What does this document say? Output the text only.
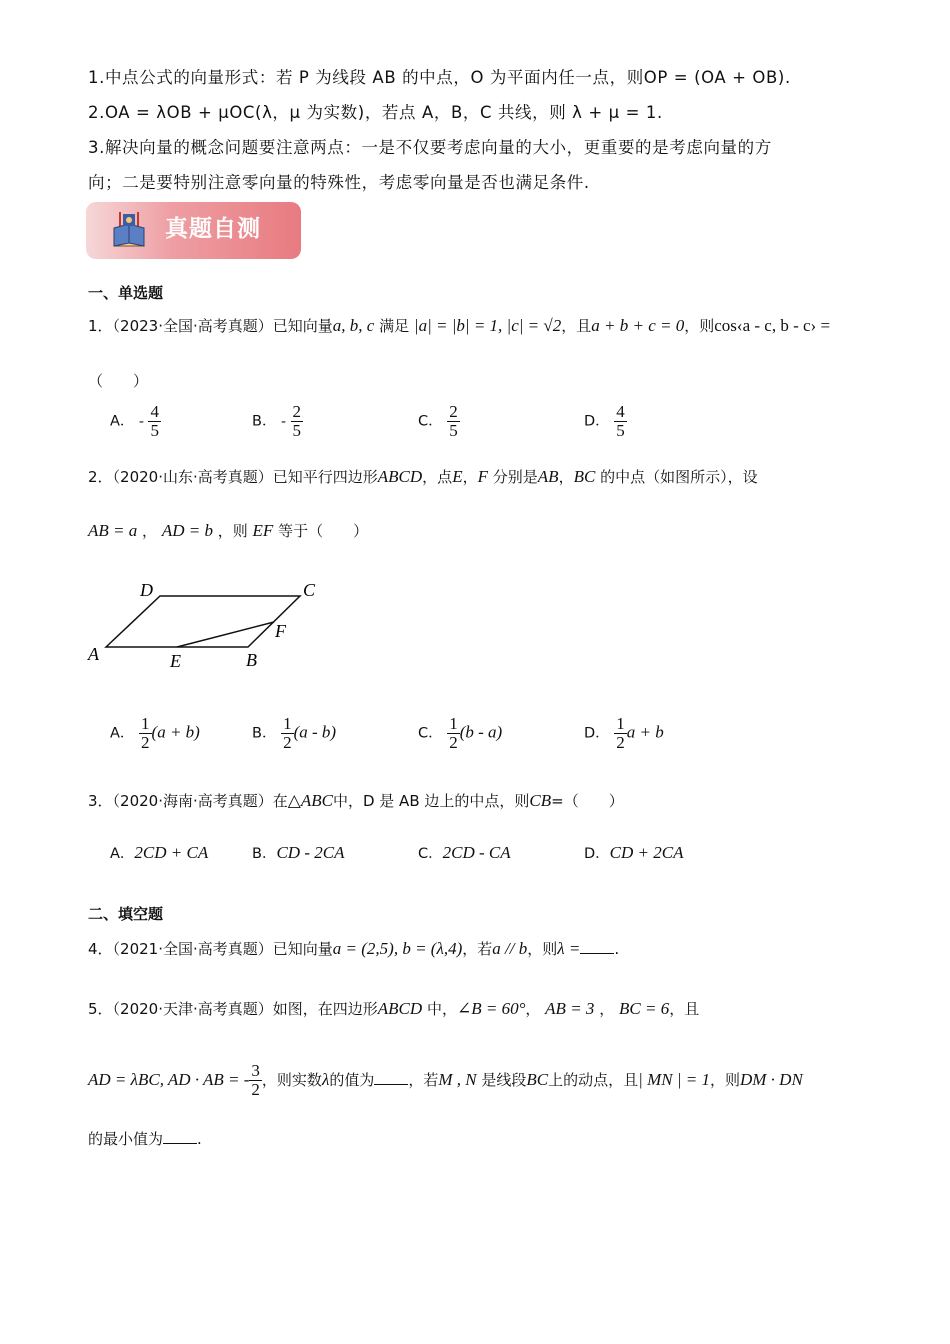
1.中点公式的向量形式：若 P 为线段 AB 的中点，O 为平面内任一点，则OP = (OA + OB).
2.OA = λOB + μOC(λ，μ 为实数)，若点 A，B，C 共线，则 λ + μ = 1.
3.解决向量的概念问题要注意两点：一是不仅要考虑向量的大小，更重要的是考虑向量的方
向；二是要特别注意零向量的特殊性，考虑零向量是否也满足条件.
真题自测
一、单选题
1．（2023·全国·高考真题）已知向量a, b, c 满足 |a| = |b| = 1, |c| = √2，且a + b + c = 0，则cos‹a - c, b - c› =
（　　）
A． - $\frac{4}{5}$	B． - $\frac{2}{5}$	C． $\frac{2}{5}$	D． $\frac{4}{5}$
2．（2020·山东·高考真题）已知平行四边形ABCD，点E，F 分别是AB，BC 的中点（如图所示），设
AB = a ， AD = b ，则 EF 等于（　　）
A
D	C
F
E	B
A． $\frac{1}{2} (a + b)$	B． $\frac{1}{2} (a - b)$	C． $\frac{1}{2} (b - a)$	D． $\frac{1}{2}$ a + b
3．（2020·海南·高考真题）在△ABC中，D 是 AB 边上的中点，则CB=（　　）
A．2CD + CA	B．CD - 2CA	C．2CD - CA	D．CD + 2CA
二、填空题
4．（2021·全国·高考真题）已知向量a = (2,5), b = (λ,4)，若a // b，则λ = .
5．（2020·天津·高考真题）如图，在四边形ABCD 中，∠B = 60°， AB = 3 ， BC = 6，且
AD = λBC, AD · AB = - $\frac{3}{2}$ ，则实数λ的值为 ，若M , N 是线段BC上的动点，且| MN | = 1，则DM · DN
的最小值为 .
